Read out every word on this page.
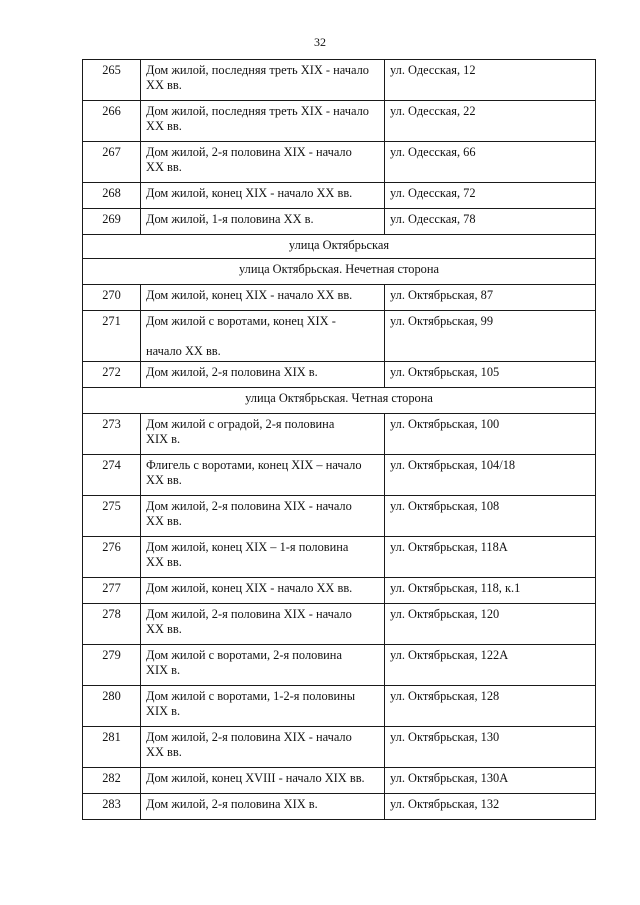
32
265	Дом жилой, последняя треть XIX - начало
XX вв.	ул. Одесская, 12
266	Дом жилой, последняя треть XIX - начало
XX вв.	ул. Одесская, 22
267	Дом жилой, 2-я половина XIX - начало
XX вв.	ул. Одесская, 66
268	Дом жилой, конец XIX - начало XX вв.	ул. Одесская, 72
269	Дом жилой, 1-я половина XX в.	ул. Одесская, 78
улица Октябрьская		
улица Октябрьская. Нечетная сторона		
270	Дом жилой, конец XIX - начало XX вв.	ул. Октябрьская, 87
271	Дом жилой с воротами, конец XIX -

начало XX вв.	ул. Октябрьская, 99
272	Дом жилой, 2-я половина XIX в.	ул. Октябрьская, 105
улица Октябрьская. Четная сторона		
273	Дом жилой с оградой, 2-я половина
XIX в.	ул. Октябрьская, 100
274	Флигель с воротами, конец XIX – начало
XX вв.	ул. Октябрьская, 104/18
275	Дом жилой, 2-я половина XIX - начало
XX вв.	ул. Октябрьская, 108
276	Дом жилой, конец XIX – 1-я половина
XX вв.	ул. Октябрьская, 118А
277	Дом жилой, конец XIX - начало XX вв.	ул. Октябрьская, 118, к.1
278	Дом жилой, 2-я половина XIX - начало
XX вв.	ул. Октябрьская, 120
279	Дом жилой с воротами, 2-я половина
XIX в.	ул. Октябрьская, 122А
280	Дом жилой с воротами, 1-2-я половины
XIX в.	ул. Октябрьская, 128
281	Дом жилой, 2-я половина XIX - начало
XX вв.	ул. Октябрьская, 130
282	Дом жилой, конец XVIII - начало XIX вв.	ул. Октябрьская, 130А
283	Дом жилой, 2-я половина XIX в.	ул. Октябрьская, 132
